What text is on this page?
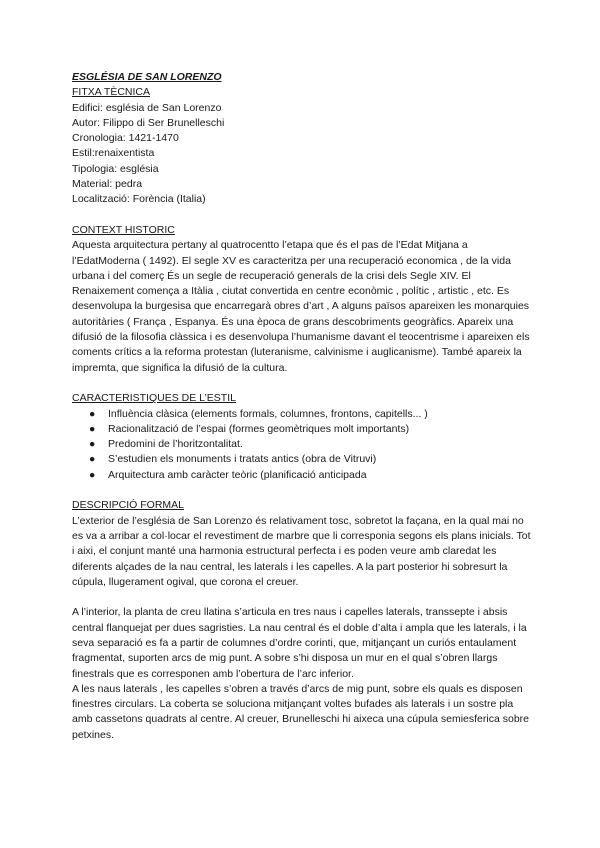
ESGLÉSIA DE SAN LORENZO

FITXA TÈCNICA

Edifici: església de San Lorenzo

Autor: Filippo di Ser Brunelleschi

Cronologia: 1421-1470

Estil:renaixentista

Tipologia: església

Material: pedra

Localització: Forència (Italia)

CONTEXT HISTORIC

Aquesta arquitectura pertany al quatrocentto l’etapa que és el pas de l’Edat Mitjana a l’EdatModerna ( 1492). El segle XV es caracteritza per una recuperació economica , de la vida urbana i del comerç És un segle de recuperació generals de la crisi dels Segle XIV. El Renaixement comença a Itàlia , ciutat convertida en centre econòmic , polític , artistic , etc. Es desenvolupa la burgesisa que encarregarà obres d’art , A alguns països apareixen les monarquies autoritàries ( França , Espanya. És una època de grans descobriments geogràfics. Apareix una difusió de la filosofia clàssica i es desenvolupa l’humanisme davant el teocentrisme i apareixen els coments crítics a la reforma protestan (luteranisme, calvinisme i auglicanisme). També apareix la impremta, que significa la difusió de la cultura.

CARACTERISTIQUES DE L’ESTIL

● Influència clàsica (elements formals, columnes, frontons, capitells... )
● Racionalització de l’espai (formes geomètriques molt importants)
● Predomini de l’horitzontalitat.
● S’estudien els monuments i tratats antics (obra de Vitruvi)
● Arquitectura amb caràcter teòric (planificació anticipada

DESCRIPCIÓ FORMAL

L’exterior de l’església de San Lorenzo és relativament tosc, sobretot la façana, en la qual mai no es va a arribar a col·locar el revestiment de marbre que li corresponia segons els plans inicials. Tot i aixi, el conjunt manté una harmonia estructural perfecta i es poden veure amb claredat les diferents alçades de la nau central, les laterals i les capelles. A la part posterior hi sobresurt la cúpula, llugerament ogival, que corona el creuer.

A l’interior, la planta de creu llatina s’articula en tres naus i capelles laterals, transsepte i absis central flanquejat per dues sagristies. La nau central és el doble d’alta i ampla que les laterals, i la seva separació es fa a partir de columnes d’ordre corinti, que, mitjançant un curiós entaulament fragmentat, suporten arcs de mig punt. A sobre s’hi disposa un mur en el qual s’obren llargs finestrals que es corresponen amb l’obertura de l’arc inferior.

A les naus laterals , les capelles s’obren a través d’arcs de mig punt, sobre els quals es disposen finestres circulars. La coberta se soluciona mitjançant voltes bufades als laterals i un sostre pla amb cassetons quadrats al centre. Al creuer, Brunelleschi hi aixeca una cúpula semiesferica sobre petxines.
